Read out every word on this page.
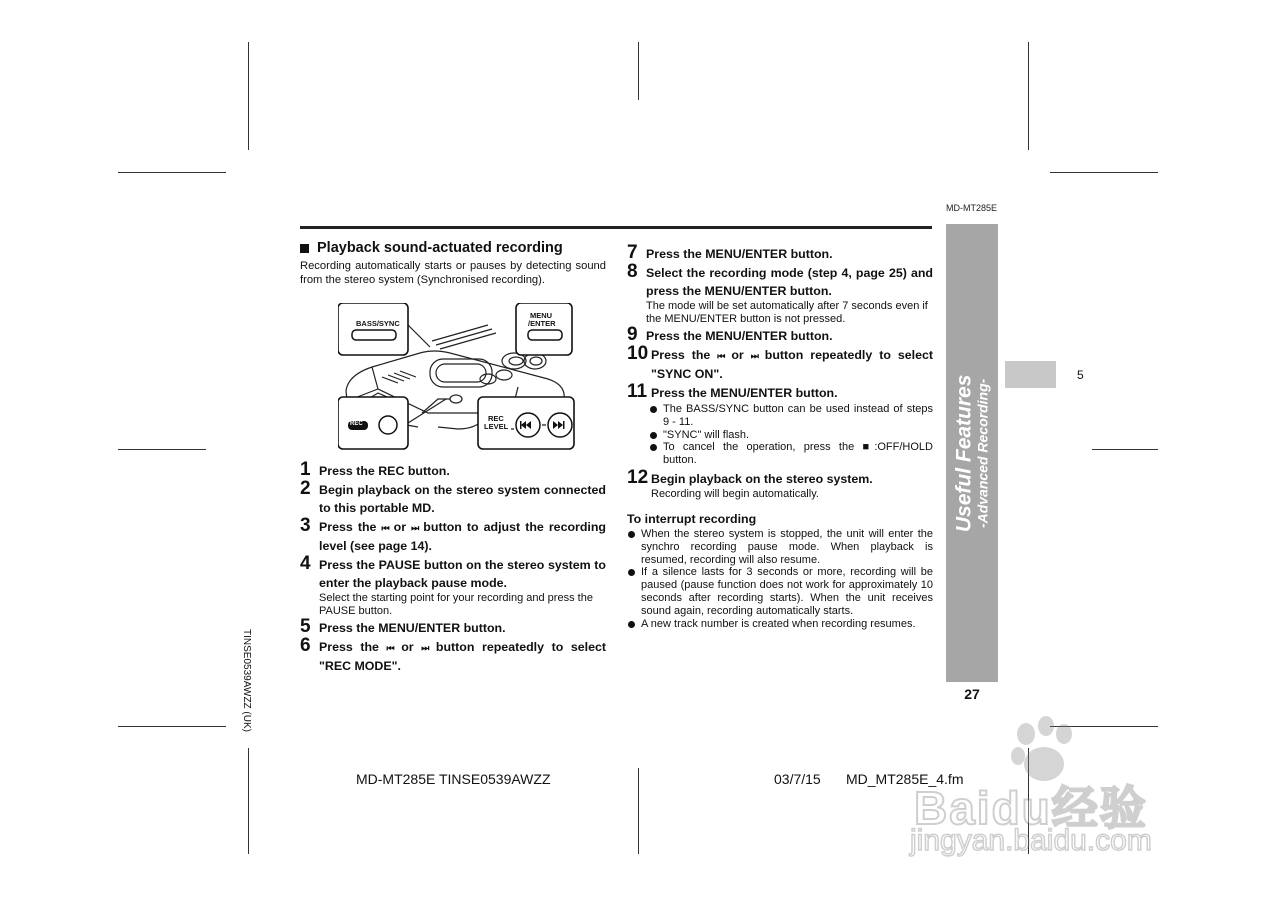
MD-MT285E
Useful Features -Advanced Recording-
27
5
TINSE0539AWZZ (UK)
Playback sound-actuated recording

Recording automatically starts or pauses by detecting sound from the stereo system (Synchronised recording).

BASS/SYNC
MENU
/ENTER
REC
REC
LEVEL
1 Press the REC button.
2 Begin playback on the stereo system connected to this portable MD.
3 Press the ⏮ or ⏭ button to adjust the recording level (see page 14).
4 Press the PAUSE button on the stereo system to enter the playback pause mode.
Select the starting point for your recording and press the PAUSE button.
5 Press the MENU/ENTER button.
6 Press the ⏮ or ⏭ button repeatedly to select "REC MODE".
7 Press the MENU/ENTER button.
8 Select the recording mode (step 4, page 25) and press the MENU/ENTER button.
The mode will be set automatically after 7 seconds even if the MENU/ENTER button is not pressed.
9 Press the MENU/ENTER button.
10 Press the ⏮ or ⏭ button repeatedly to select "SYNC ON".
11 Press the MENU/ENTER button.
The BASS/SYNC button can be used instead of steps 9 - 11.
"SYNC" will flash.
To cancel the operation, press the ■:OFF/HOLD button.
12 Begin playback on the stereo system.
Recording will begin automatically.
To interrupt recording
When the stereo system is stopped, the unit will enter the synchro recording pause mode. When playback is resumed, recording will also resume.
If a silence lasts for 3 seconds or more, recording will be paused (pause function does not work for approximately 10 seconds after recording starts). When the unit receives sound again, recording automatically starts.
A new track number is created when recording resumes.
MD-MT285E TINSE0539AWZZ	03/7/15 MD_MT285E_4.fm
Baidu经验
jingyan.baidu.com
